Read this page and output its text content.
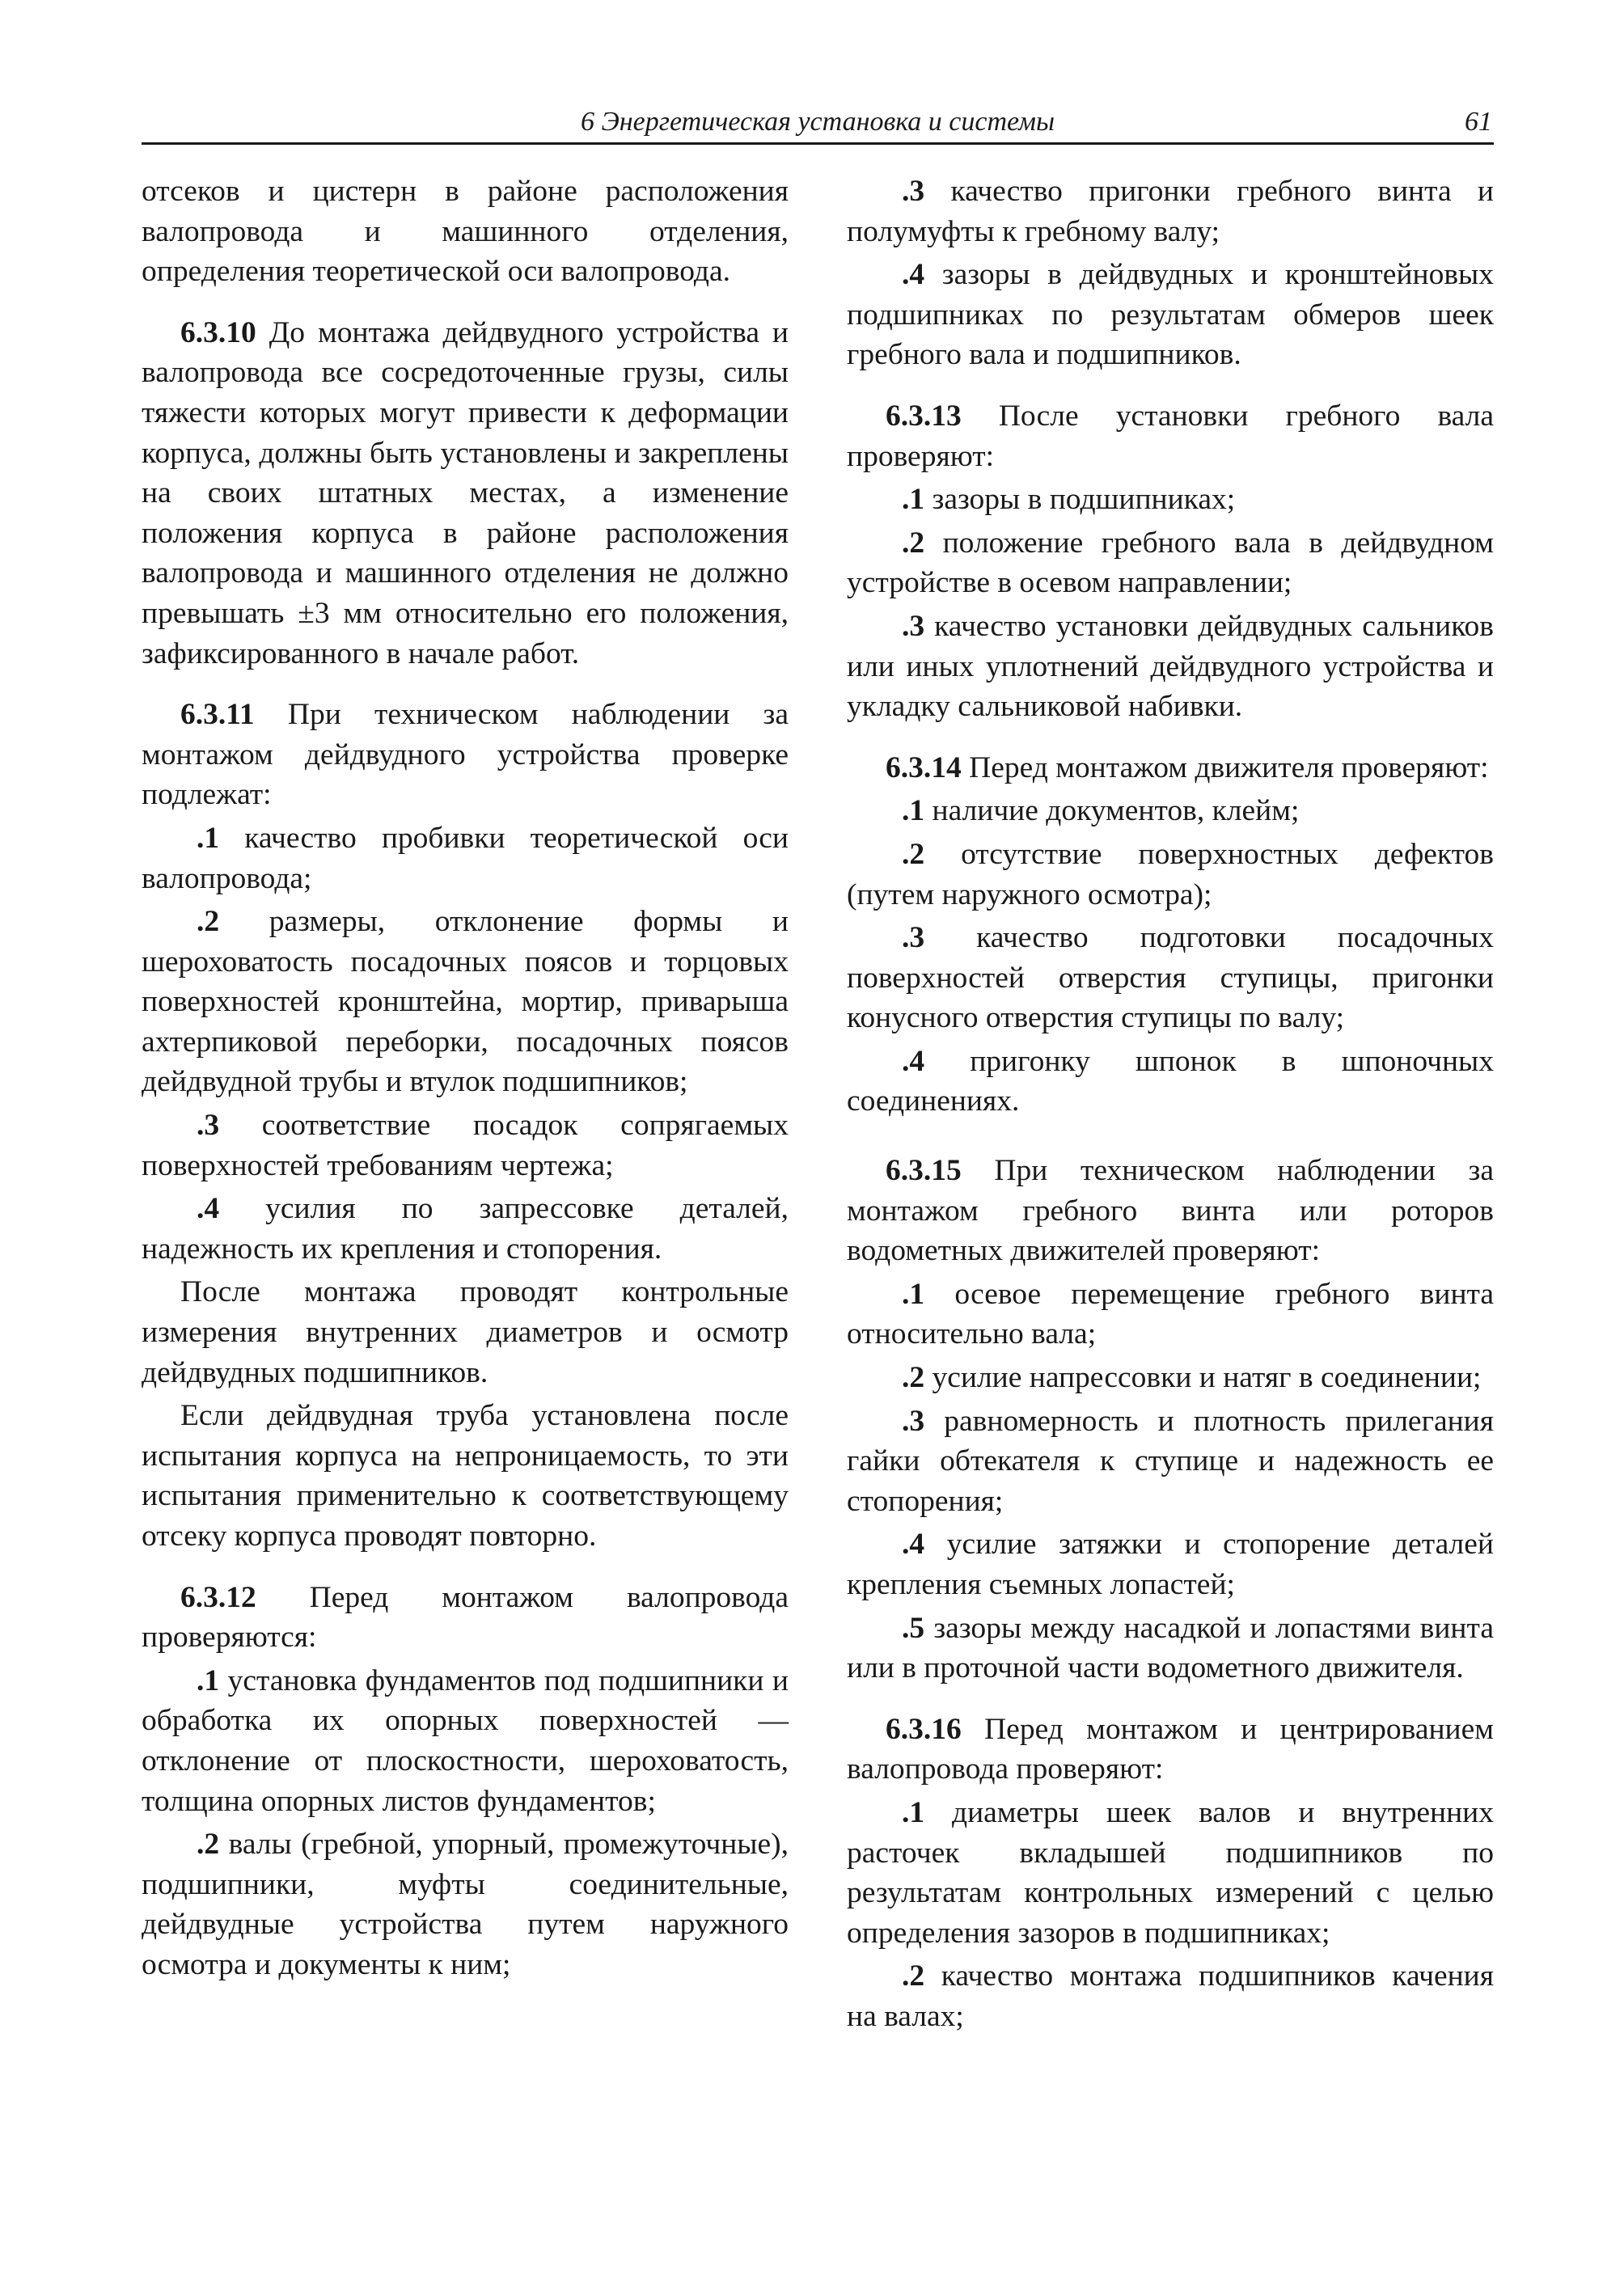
6 Энергетическая установка и системы	61

отсеков и цистерн в районе расположения валопровода и машинного отделения, определения теоретической оси валопровода.

6.3.10 До монтажа дейдвудного устройства и валопровода все сосредоточенные грузы, силы тяжести которых могут привести к деформации корпуса, должны быть установлены и закреплены на своих штатных местах, а изменение положения корпуса в районе расположения валопровода и машинного отделения не должно превышать ±3 мм относительно его положения, зафиксированного в начале работ.

6.3.11 При техническом наблюдении за монтажом дейдвудного устройства проверке подлежат:

.1 качество пробивки теоретической оси валопровода;

.2 размеры, отклонение формы и шероховатость посадочных поясов и торцовых поверхностей кронштейна, мортир, приварыша ахтерпиковой переборки, посадочных поясов дейдвудной трубы и втулок подшипников;

.3 соответствие посадок сопрягаемых поверхностей требованиям чертежа;

.4 усилия по запрессовке деталей, надежность их крепления и стопорения.

После монтажа проводят контрольные измерения внутренних диаметров и осмотр дейдвудных подшипников.

Если дейдвудная труба установлена после испытания корпуса на непроницаемость, то эти испытания применительно к соответствующему отсеку корпуса проводят повторно.

6.3.12 Перед монтажом валопровода проверяются:

.1 установка фундаментов под подшипники и обработка их опорных поверхностей — отклонение от плоскостности, шероховатость, толщина опорных листов фундаментов;

.2 валы (гребной, упорный, промежуточные), подшипники, муфты соединительные, дейдвудные устройства путем наружного осмотра и документы к ним;

.3 качество пригонки гребного винта и полумуфты к гребному валу;

.4 зазоры в дейдвудных и кронштейновых подшипниках по результатам обмеров шеек гребного вала и подшипников.

6.3.13 После установки гребного вала проверяют:

.1 зазоры в подшипниках;

.2 положение гребного вала в дейдвудном устройстве в осевом направлении;

.3 качество установки дейдвудных сальников или иных уплотнений дейдвудного устройства и укладку сальниковой набивки.

6.3.14 Перед монтажом движителя проверяют:

.1 наличие документов, клейм;

.2 отсутствие поверхностных дефектов (путем наружного осмотра);

.3 качество подготовки посадочных поверхностей отверстия ступицы, пригонки конусного отверстия ступицы по валу;

.4 пригонку шпонок в шпоночных соединениях.

6.3.15 При техническом наблюдении за монтажом гребного винта или роторов водометных движителей проверяют:

.1 осевое перемещение гребного винта относительно вала;

.2 усилие напрессовки и натяг в соединении;

.3 равномерность и плотность прилегания гайки обтекателя к ступице и надежность ее стопорения;

.4 усилие затяжки и стопорение деталей крепления съемных лопастей;

.5 зазоры между насадкой и лопастями винта или в проточной части водометного движителя.

6.3.16 Перед монтажом и центрированием валопровода проверяют:

.1 диаметры шеек валов и внутренних расточек вкладышей подшипников по результатам контрольных измерений с целью определения зазоров в подшипниках;

.2 качество монтажа подшипников качения на валах;
